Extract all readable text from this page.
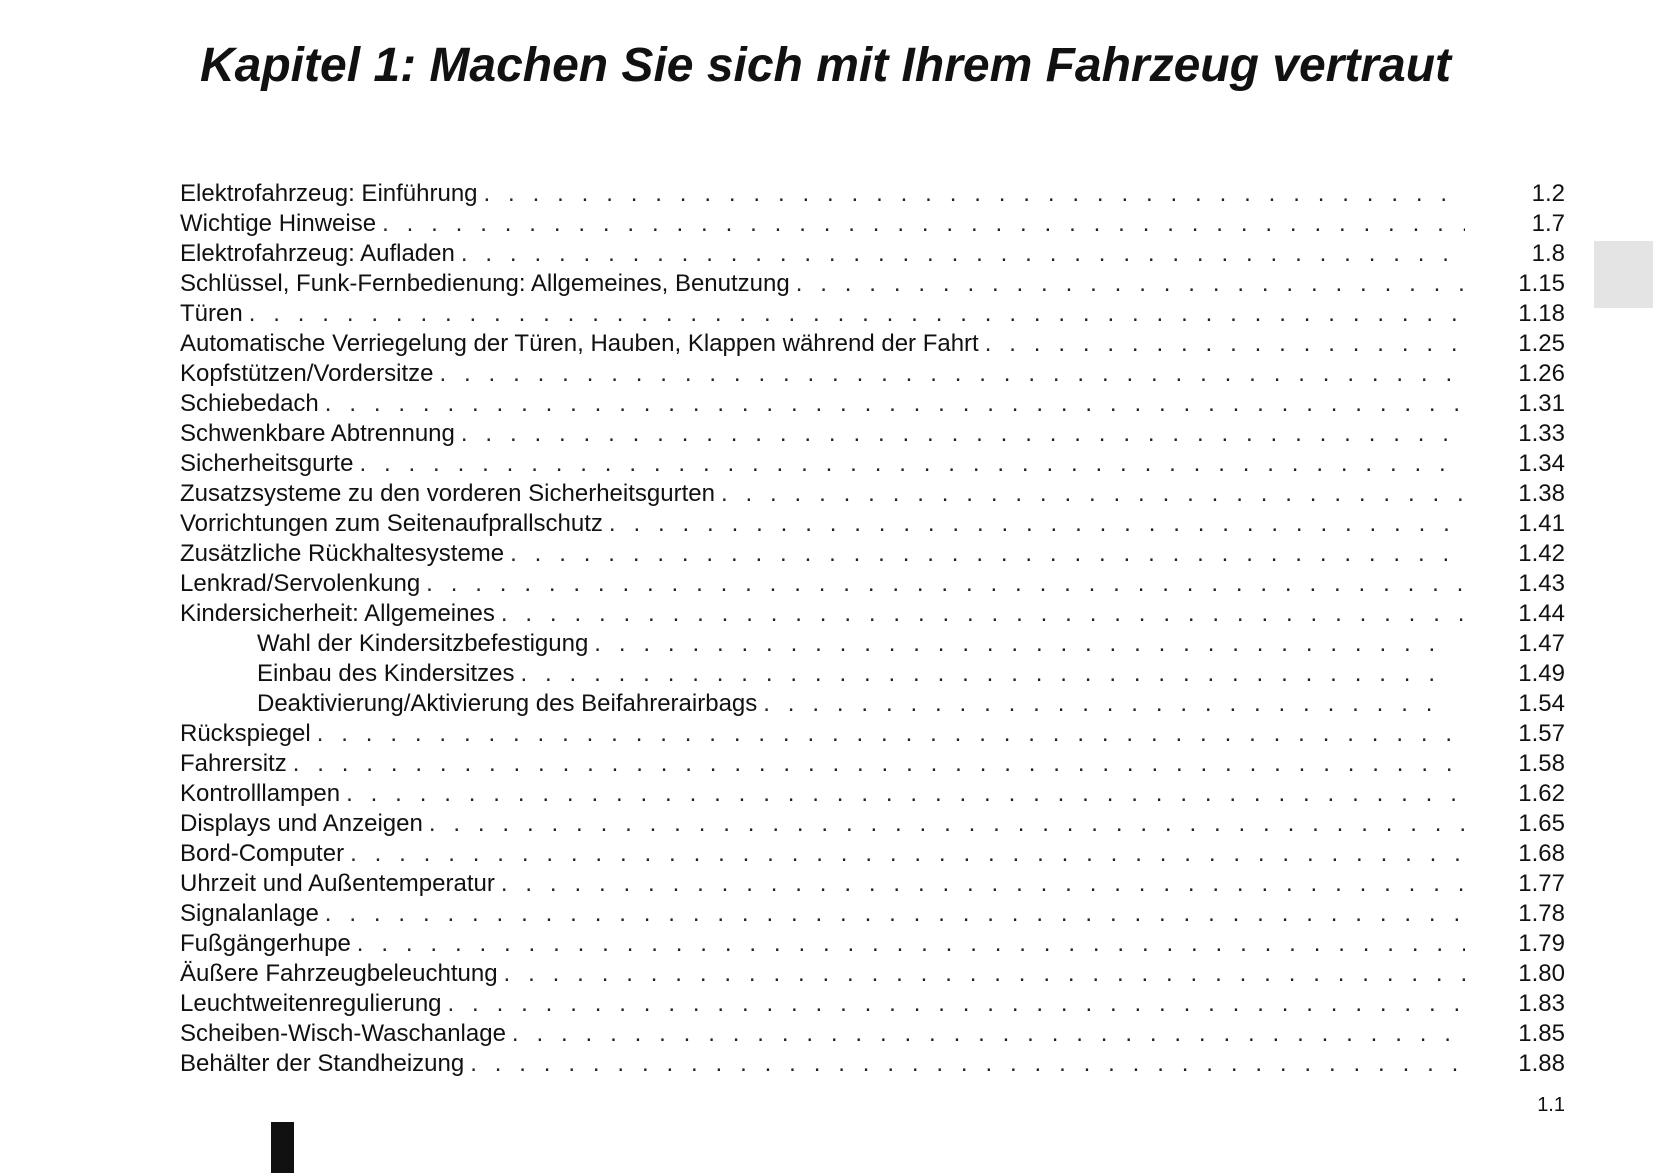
Kapitel 1: Machen Sie sich mit Ihrem Fahrzeug vertraut
Elektrofahrzeug: Einführung . . .	1.2
Wichtige Hinweise . . .	1.7
Elektrofahrzeug: Aufladen . . .	1.8
Schlüssel, Funk-Fernbedienung: Allgemeines, Benutzung . . .	1.15
Türen . . .	1.18
Automatische Verriegelung der Türen, Hauben, Klappen während der Fahrt . . .	1.25
Kopfstützen/Vordersitze . . .	1.26
Schiebedach . . .	1.31
Schwenkbare Abtrennung . . .	1.33
Sicherheitsgurte . . .	1.34
Zusatzsysteme zu den vorderen Sicherheitsgurten . . .	1.38
Vorrichtungen zum Seitenaufprallschutz . . .	1.41
Zusätzliche Rückhaltesysteme . . .	1.42
Lenkrad/Servolenkung . . .	1.43
Kindersicherheit: Allgemeines . . .	1.44
Wahl der Kindersitzbefestigung . . .	1.47
Einbau des Kindersitzes . . .	1.49
Deaktivierung/Aktivierung des Beifahrerairbags . . .	1.54
Rückspiegel . . .	1.57
Fahrersitz . . .	1.58
Kontrolllampen . . .	1.62
Displays und Anzeigen . . .	1.65
Bord-Computer . . .	1.68
Uhrzeit und Außentemperatur . . .	1.77
Signalanlage . . .	1.78
Fußgängerhupe . . .	1.79
Äußere Fahrzeugbeleuchtung . . .	1.80
Leuchtweitenregulierung . . .	1.83
Scheiben-Wisch-Waschanlage . . .	1.85
Behälter der Standheizung . . .	1.88
1.1
